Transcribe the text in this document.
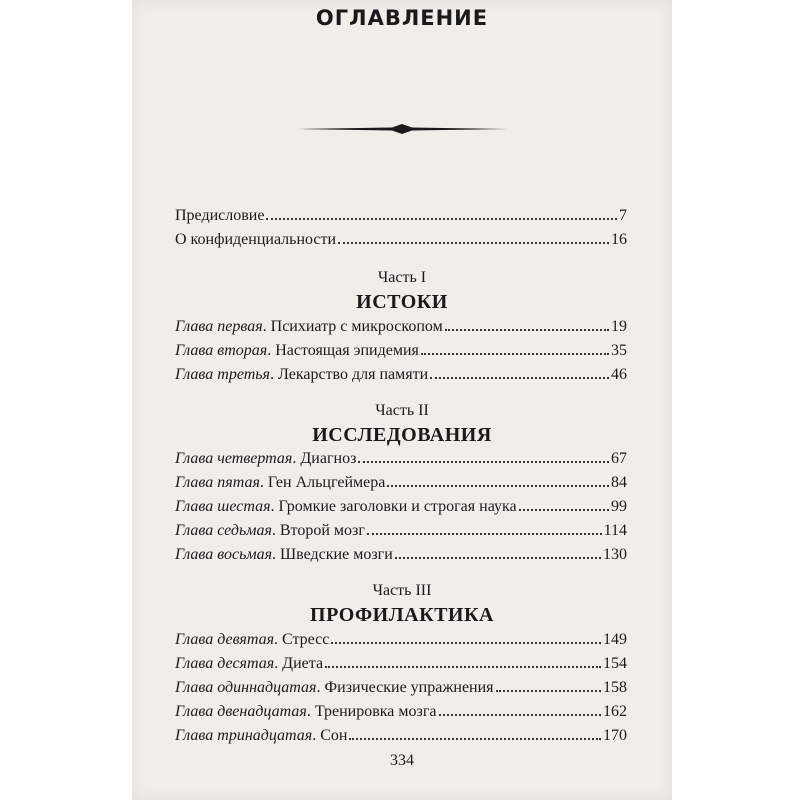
ОГЛАВЛЕНИЕ
Предисловие	7
О конфиденциальности	16
Часть I
ИСТОКИ
Глава первая . Психиатр с микроскопом	19
Глава вторая . Настоящая эпидемия	35
Глава третья . Лекарство для памяти	46
Часть II
ИССЛЕДОВАНИЯ
Глава четвертая . Диагноз	67
Глава пятая . Ген Альцгеймера	84
Глава шестая . Громкие заголовки и строгая наука	99
Глава седьмая . Второй мозг	114
Глава восьмая . Шведские мозги	130
Часть III
ПРОФИЛАКТИКА
Глава девятая . Стресс	149
Глава десятая . Диета	154
Глава одиннадцатая . Физические упражнения	158
Глава двенадцатая . Тренировка мозга	162
Глава тринадцатая . Сон	170
334
